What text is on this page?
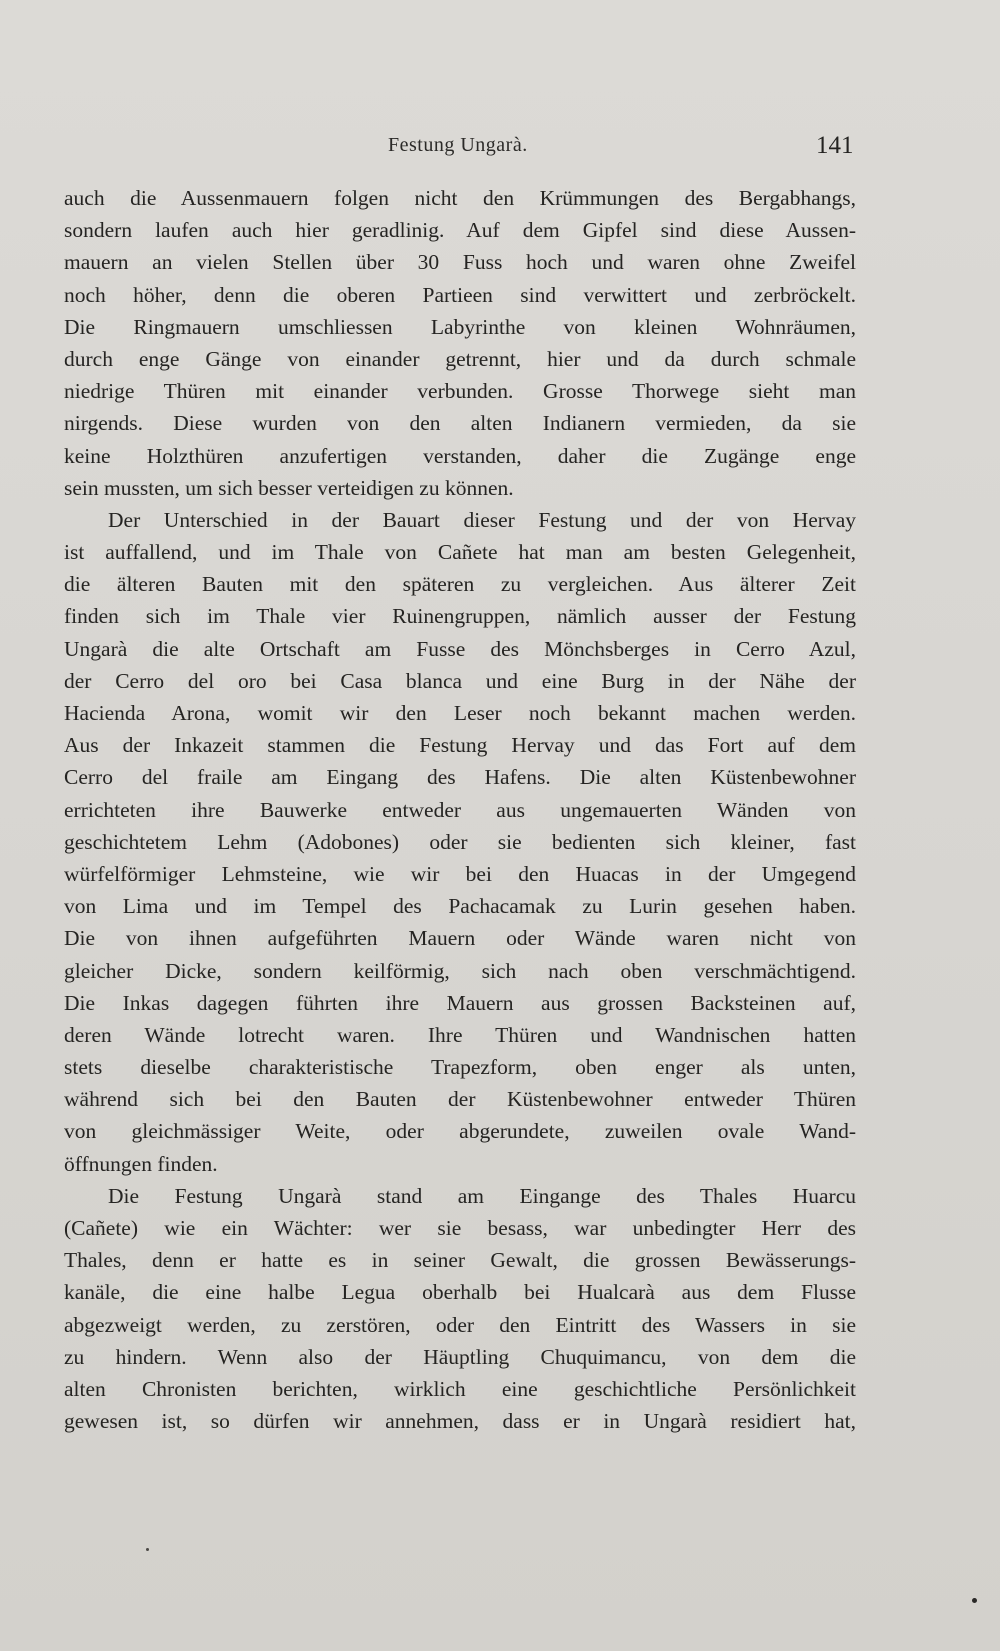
Festung Ungarà.	141
auch die Aussenmauern folgen nicht den Krümmungen des Bergabhangs,
sondern laufen auch hier geradlinig. Auf dem Gipfel sind diese Aussen-
mauern an vielen Stellen über 30 Fuss hoch und waren ohne Zweifel
noch höher, denn die oberen Partieen sind verwittert und zerbröckelt.
Die Ringmauern umschliessen Labyrinthe von kleinen Wohnräumen,
durch enge Gänge von einander getrennt, hier und da durch schmale
niedrige Thüren mit einander verbunden. Grosse Thorwege sieht man
nirgends. Diese wurden von den alten Indianern vermieden, da sie
keine Holzthüren anzufertigen verstanden, daher die Zugänge enge
sein mussten, um sich besser verteidigen zu können.
Der Unterschied in der Bauart dieser Festung und der von Hervay
ist auffallend, und im Thale von Cañete hat man am besten Gelegenheit,
die älteren Bauten mit den späteren zu vergleichen. Aus älterer Zeit
finden sich im Thale vier Ruinengruppen, nämlich ausser der Festung
Ungarà die alte Ortschaft am Fusse des Mönchsberges in Cerro Azul,
der Cerro del oro bei Casa blanca und eine Burg in der Nähe der
Hacienda Arona, womit wir den Leser noch bekannt machen werden.
Aus der Inkazeit stammen die Festung Hervay und das Fort auf dem
Cerro del fraile am Eingang des Hafens. Die alten Küstenbewohner
errichteten ihre Bauwerke entweder aus ungemauerten Wänden von
geschichtetem Lehm (Adobones) oder sie bedienten sich kleiner, fast
würfelförmiger Lehmsteine, wie wir bei den Huacas in der Umgegend
von Lima und im Tempel des Pachacamak zu Lurin gesehen haben.
Die von ihnen aufgeführten Mauern oder Wände waren nicht von
gleicher Dicke, sondern keilförmig, sich nach oben verschmächtigend.
Die Inkas dagegen führten ihre Mauern aus grossen Backsteinen auf,
deren Wände lotrecht waren. Ihre Thüren und Wandnischen hatten
stets dieselbe charakteristische Trapezform, oben enger als unten,
während sich bei den Bauten der Küstenbewohner entweder Thüren
von gleichmässiger Weite, oder abgerundete, zuweilen ovale Wand-
öffnungen finden.
Die Festung Ungarà stand am Eingange des Thales Huarcu
(Cañete) wie ein Wächter: wer sie besass, war unbedingter Herr des
Thales, denn er hatte es in seiner Gewalt, die grossen Bewässerungs-
kanäle, die eine halbe Legua oberhalb bei Hualcarà aus dem Flusse
abgezweigt werden, zu zerstören, oder den Eintritt des Wassers in sie
zu hindern. Wenn also der Häuptling Chuquimancu, von dem die
alten Chronisten berichten, wirklich eine geschichtliche Persönlichkeit
gewesen ist, so dürfen wir annehmen, dass er in Ungarà residiert hat,
